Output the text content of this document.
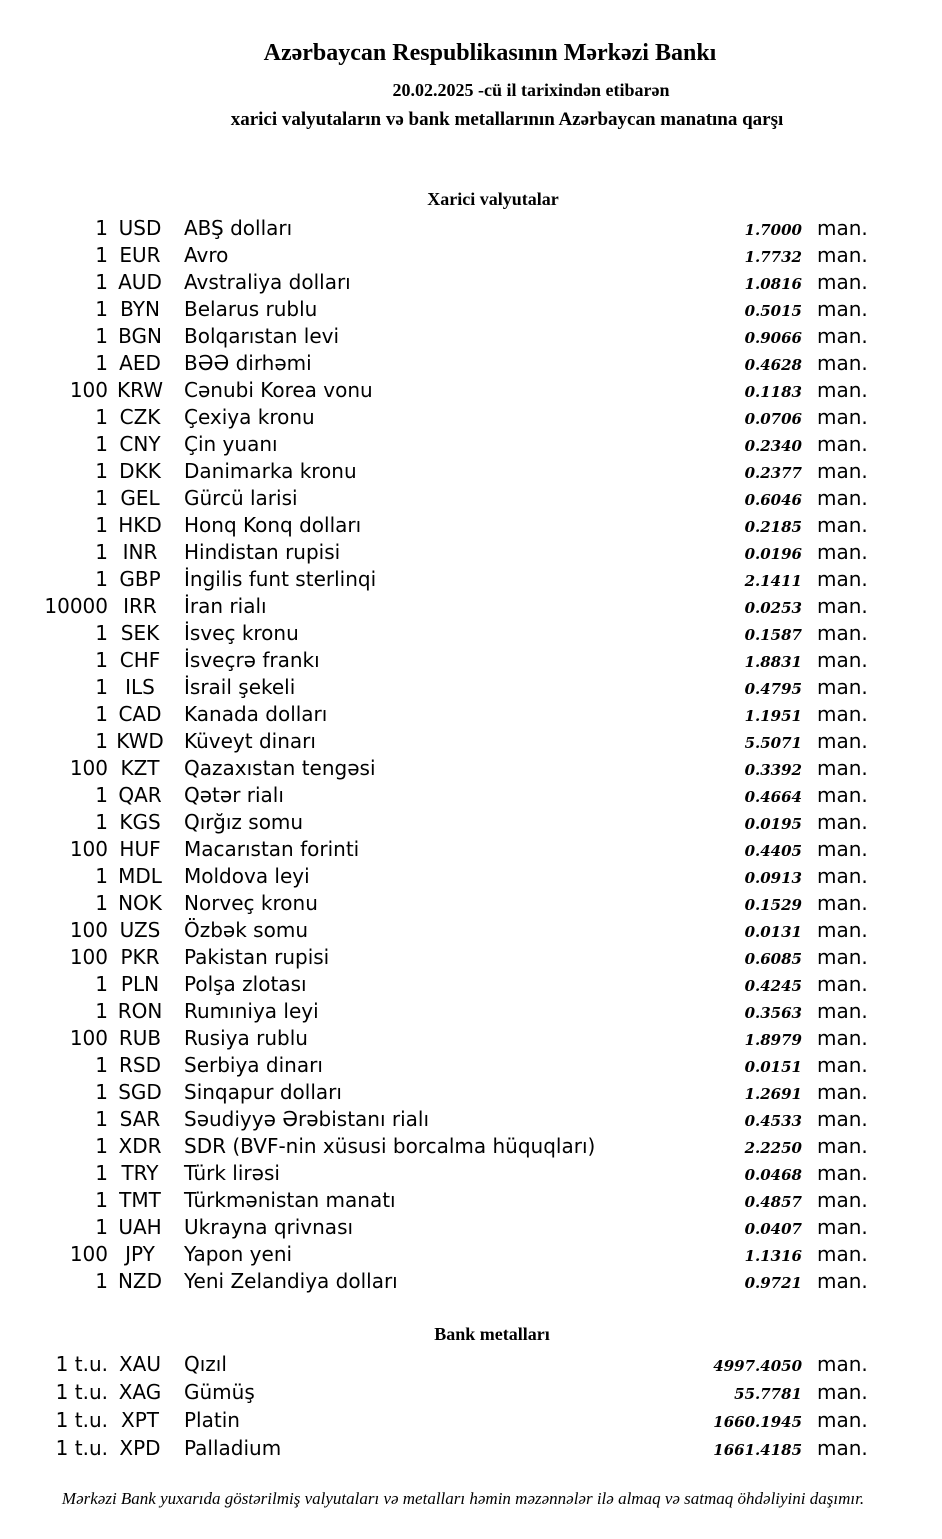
Azərbaycan Respublikasının Mərkəzi Bankı

20.02.2025 -cü il tarixindən etibarən

xarici valyutaların və bank metallarının Azərbaycan manatına qarşı

Xarici valyutalar
1 USD	ABŞ dolları	1.7000 man.
1 EUR	Avro	1.7732 man.
1 AUD	Avstraliya dolları	1.0816 man.
1 BYN	Belarus rublu	0.5015 man.
1 BGN	Bolqarıstan levi	0.9066 man.
1 AED	BƏƏ dirhəmi	0.4628 man.
100 KRW	Cənubi Korea vonu	0.1183 man.
1 CZK	Çexiya kronu	0.0706 man.
1 CNY	Çin yuanı	0.2340 man.
1 DKK	Danimarka kronu	0.2377 man.
1 GEL	Gürcü larisi	0.6046 man.
1 HKD	Honq Konq dolları	0.2185 man.
1 INR	Hindistan rupisi	0.0196 man.
1 GBP	İngilis funt sterlinqi	2.1411 man.
10000 IRR	İran rialı	0.0253 man.
1 SEK	İsveç kronu	0.1587 man.
1 CHF	İsveçrə frankı	1.8831 man.
1 ILS	İsrail şekeli	0.4795 man.
1 CAD	Kanada dolları	1.1951 man.
1 KWD	Küveyt dinarı	5.5071 man.
100 KZT	Qazaxıstan tengəsi	0.3392 man.
1 QAR	Qətər rialı	0.4664 man.
1 KGS	Qırğız somu	0.0195 man.
100 HUF	Macarıstan forinti	0.4405 man.
1 MDL	Moldova leyi	0.0913 man.
1 NOK	Norveç kronu	0.1529 man.
100 UZS	Özbək somu	0.0131 man.
100 PKR	Pakistan rupisi	0.6085 man.
1 PLN	Polşa zlotası	0.4245 man.
1 RON	Rumıniya leyi	0.3563 man.
100 RUB	Rusiya rublu	1.8979 man.
1 RSD	Serbiya dinarı	0.0151 man.
1 SGD	Sinqapur dolları	1.2691 man.
1 SAR	Səudiyyə Ərəbistanı rialı	0.4533 man.
1 XDR	SDR (BVF-nin xüsusi borcalma hüquqları)	2.2250 man.
1 TRY	Türk lirəsi	0.0468 man.
1 TMT	Türkmənistan manatı	0.4857 man.
1 UAH	Ukrayna qrivnası	0.0407 man.
100 JPY	Yapon yeni	1.1316 man.
1 NZD	Yeni Zelandiya dolları	0.9721 man.
Bank metalları
1 t.u. XAU	Qızıl	4997.4050 man.
1 t.u. XAG	Gümüş	55.7781 man.
1 t.u. XPT	Platin	1660.1945 man.
1 t.u. XPD	Palladium	1661.4185 man.

Mərkəzi Bank yuxarıda göstərilmiş valyutaları və metalları həmin məzənnələr ilə almaq və satmaq öhdəliyini daşımır.
